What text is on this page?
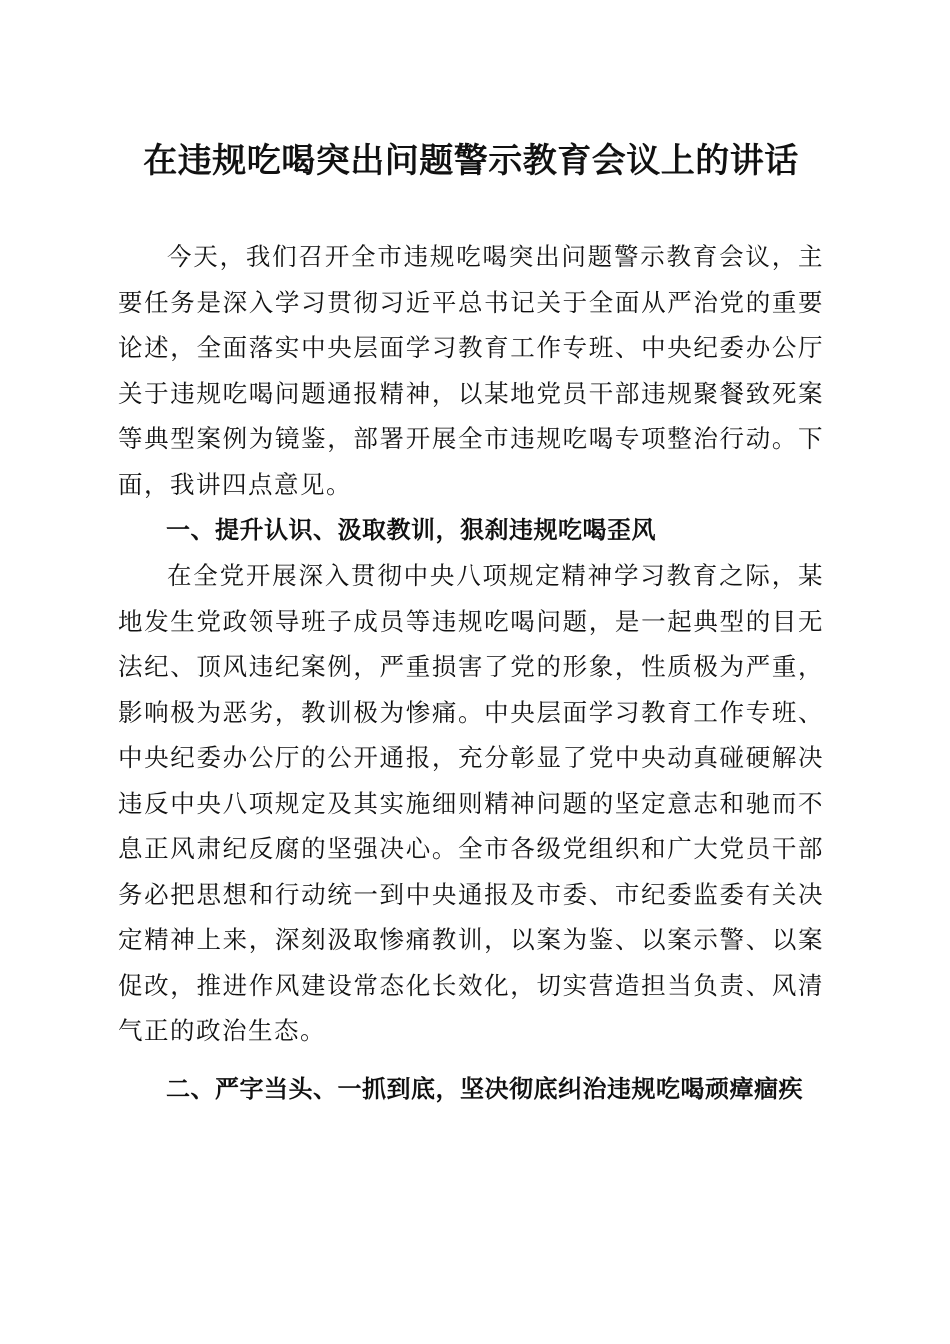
在违规吃喝突出问题警示教育会议上的讲话

今天，我们召开全市违规吃喝突出问题警示教育会议，主要任务是深入学习贯彻习近平总书记关于全面从严治党的重要论述，全面落实中央层面学习教育工作专班、中央纪委办公厅关于违规吃喝问题通报精神，以某地党员干部违规聚餐致死案等典型案例为镜鉴，部署开展全市违规吃喝专项整治行动。下面，我讲四点意见。

一、提升认识、汲取教训，狠刹违规吃喝歪风

在全党开展深入贯彻中央八项规定精神学习教育之际，某地发生党政领导班子成员等违规吃喝问题，是一起典型的目无法纪、顶风违纪案例，严重损害了党的形象，性质极为严重，影响极为恶劣，教训极为惨痛。中央层面学习教育工作专班、中央纪委办公厅的公开通报，充分彰显了党中央动真碰硬解决违反中央八项规定及其实施细则精神问题的坚定意志和驰而不息正风肃纪反腐的坚强决心。全市各级党组织和广大党员干部务必把思想和行动统一到中央通报及市委、市纪委监委有关决定精神上来，深刻汲取惨痛教训，以案为鉴、以案示警、以案促改，推进作风建设常态化长效化，切实营造担当负责、风清气正的政治生态。

二、严字当头、一抓到底，坚决彻底纠治违规吃喝顽瘴痼疾
